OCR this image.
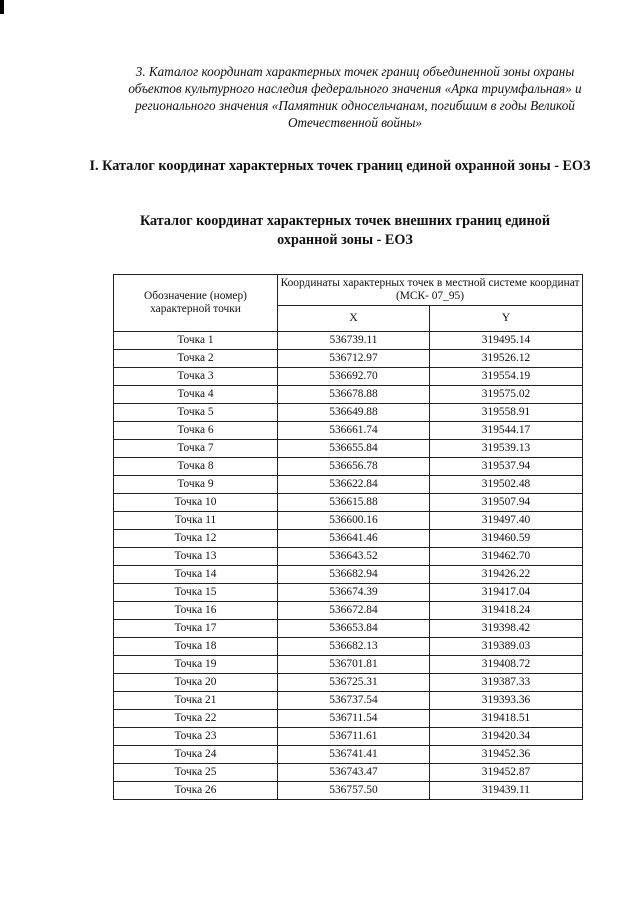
3. Каталог координат характерных точек границ объединенной зоны охраны объектов культурного наследия федерального значения «Арка триумфальная» и регионального значения «Памятник односельчанам, погибшим в годы Великой Отечественной войны»
I. Каталог координат характерных точек границ единой охранной зоны - ЕОЗ
Каталог координат характерных точек внешних границ единой охранной зоны - ЕОЗ
Обозначение (номер) характерной точки	Координаты характерных точек в местной системе координат (МСК- 07_95)	
	X	Y
Точка 1	536739.11	319495.14
Точка 2	536712.97	319526.12
Точка 3	536692.70	319554.19
Точка 4	536678.88	319575.02
Точка 5	536649.88	319558.91
Точка 6	536661.74	319544.17
Точка 7	536655.84	319539.13
Точка 8	536656.78	319537.94
Точка 9	536622.84	319502.48
Точка 10	536615.88	319507.94
Точка 11	536600.16	319497.40
Точка 12	536641.46	319460.59
Точка 13	536643.52	319462.70
Точка 14	536682.94	319426.22
Точка 15	536674.39	319417.04
Точка 16	536672.84	319418.24
Точка 17	536653.84	319398.42
Точка 18	536682.13	319389.03
Точка 19	536701.81	319408.72
Точка 20	536725.31	319387.33
Точка 21	536737.54	319393.36
Точка 22	536711.54	319418.51
Точка 23	536711.61	319420.34
Точка 24	536741.41	319452.36
Точка 25	536743.47	319452.87
Точка 26	536757.50	319439.11
